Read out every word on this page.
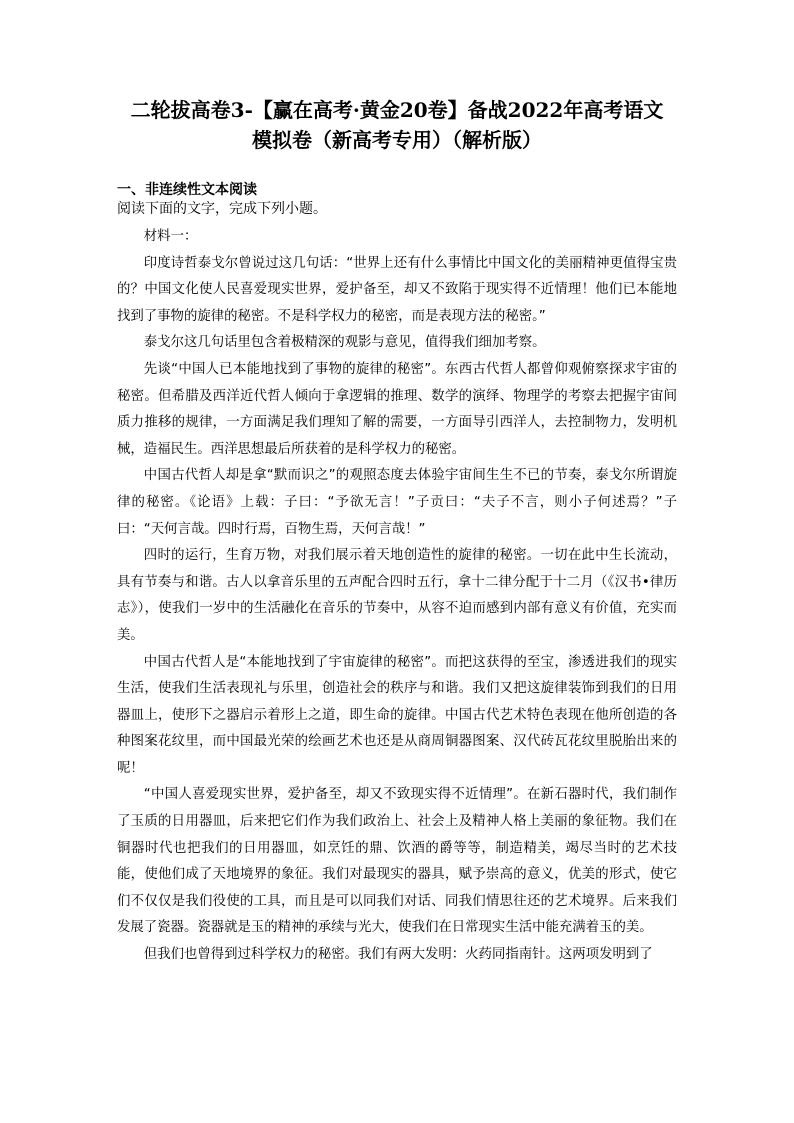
二轮拔高卷3-【赢在高考·黄金20卷】备战2022年高考语文
模拟卷（新高考专用）（解析版）
一、非连续性文本阅读

阅读下面的文字，完成下列小题。

材料一：

印度诗哲泰戈尔曾说过这几句话：“世界上还有什么事情比中国文化的美丽精神更值得宝贵的？中国文化使人民喜爱现实世界，爱护备至，却又不致陷于现实得不近情理！他们已本能地找到了事物的旋律的秘密。不是科学权力的秘密，而是表现方法的秘密。”

泰戈尔这几句话里包含着极精深的观影与意见，值得我们细加考察。

先谈“中国人已本能地找到了事物的旋律的秘密”。东西古代哲人都曾仰观俯察探求宇宙的秘密。但希腊及西洋近代哲人倾向于拿逻辑的推理、数学的演绎、物理学的考察去把握宇宙间质力推移的规律，一方面满足我们理知了解的需要，一方面导引西洋人，去控制物力，发明机械，造福民生。西洋思想最后所获着的是科学权力的秘密。

中国古代哲人却是拿“默而识之”的观照态度去体验宇宙间生生不已的节奏，泰戈尔所谓旋律的秘密。《论语》上载：子曰：“予欲无言！”子贡曰：“夫子不言，则小子何述焉？”子曰：“天何言哉。四时行焉，百物生焉，天何言哉！”

四时的运行，生育万物，对我们展示着天地创造性的旋律的秘密。一切在此中生长流动，具有节奏与和谐。古人以拿音乐里的五声配合四时五行，拿十二律分配于十二月（《汉书•律历志》），使我们一岁中的生活融化在音乐的节奏中，从容不迫而感到内部有意义有价值，充实而美。

中国古代哲人是“本能地找到了宇宙旋律的秘密”。而把这获得的至宝，渗透进我们的现实生活，使我们生活表现礼与乐里，创造社会的秩序与和谐。我们又把这旋律装饰到我们的日用器皿上，使形下之器启示着形上之道，即生命的旋律。中国古代艺术特色表现在他所创造的各种图案花纹里，而中国最光荣的绘画艺术也还是从商周铜器图案、汉代砖瓦花纹里脱胎出来的呢！

“中国人喜爱现实世界，爱护备至，却又不致现实得不近情理”。在新石器时代，我们制作了玉质的日用器皿，后来把它们作为我们政治上、社会上及精神人格上美丽的象征物。我们在铜器时代也把我们的日用器皿，如烹饪的鼎、饮酒的爵等等，制造精美，竭尽当时的艺术技能，使他们成了天地境界的象征。我们对最现实的器具，赋予崇高的意义，优美的形式，使它们不仅仅是我们役使的工具，而且是可以同我们对话、同我们情思往还的艺术境界。后来我们发展了瓷器。瓷器就是玉的精神的承续与光大，使我们在日常现实生活中能充满着玉的美。

但我们也曾得到过科学权力的秘密。我们有两大发明：火药同指南针。这两项发明到了
